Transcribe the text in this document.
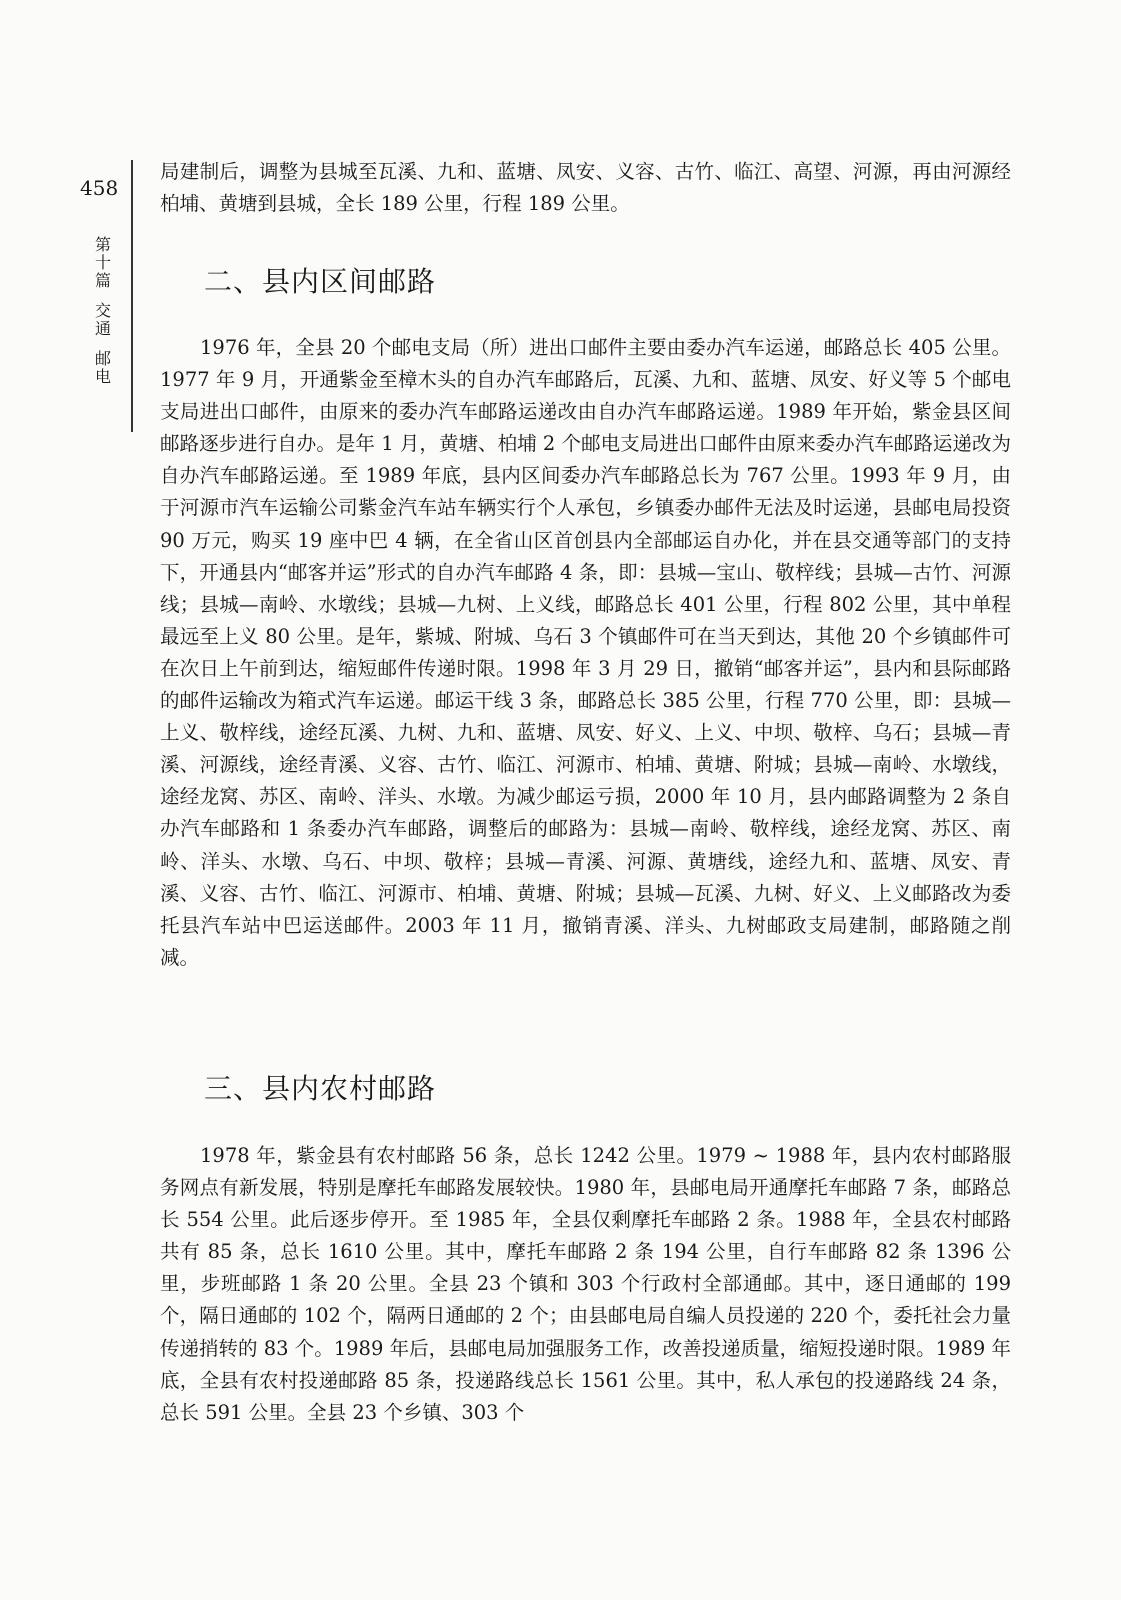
458
第
十
篇
交
通
邮
电

局建制后，调整为县城至瓦溪、九和、蓝塘、凤安、义容、古竹、临江、高望、河源，再由河源经柏埔、黄塘到县城，全长 189 公里，行程 189 公里。

二、县内区间邮路

1976 年，全县 20 个邮电支局（所）进出口邮件主要由委办汽车运递，邮路总长 405 公里。1977 年 9 月，开通紫金至樟木头的自办汽车邮路后，瓦溪、九和、蓝塘、凤安、好义等 5 个邮电支局进出口邮件，由原来的委办汽车邮路运递改由自办汽车邮路运递。1989 年开始，紫金县区间邮路逐步进行自办。是年 1 月，黄塘、柏埔 2 个邮电支局进出口邮件由原来委办汽车邮路运递改为自办汽车邮路运递。至 1989 年底，县内区间委办汽车邮路总长为 767 公里。1993 年 9 月，由于河源市汽车运输公司紫金汽车站车辆实行个人承包，乡镇委办邮件无法及时运递，县邮电局投资 90 万元，购买 19 座中巴 4 辆，在全省山区首创县内全部邮运自办化，并在县交通等部门的支持下，开通县内“邮客并运”形式的自办汽车邮路 4 条，即：县城—宝山、敬梓线；县城—古竹、河源线；县城—南岭、水墩线；县城—九树、上义线，邮路总长 401 公里，行程 802 公里，其中单程最远至上义 80 公里。是年，紫城、附城、乌石 3 个镇邮件可在当天到达，其他 20 个乡镇邮件可在次日上午前到达，缩短邮件传递时限。1998 年 3 月 29 日，撤销“邮客并运”，县内和县际邮路的邮件运输改为箱式汽车运递。邮运干线 3 条，邮路总长 385 公里，行程 770 公里，即：县城—上义、敬梓线，途经瓦溪、九树、九和、蓝塘、凤安、好义、上义、中坝、敬梓、乌石；县城—青溪、河源线，途经青溪、义容、古竹、临江、河源市、柏埔、黄塘、附城；县城—南岭、水墩线，途经龙窝、苏区、南岭、洋头、水墩。为减少邮运亏损，2000 年 10 月，县内邮路调整为 2 条自办汽车邮路和 1 条委办汽车邮路，调整后的邮路为：县城—南岭、敬梓线，途经龙窝、苏区、南岭、洋头、水墩、乌石、中坝、敬梓；县城—青溪、河源、黄塘线，途经九和、蓝塘、凤安、青溪、义容、古竹、临江、河源市、柏埔、黄塘、附城；县城—瓦溪、九树、好义、上义邮路改为委托县汽车站中巴运送邮件。2003 年 11 月，撤销青溪、洋头、九树邮政支局建制，邮路随之削减。

三、县内农村邮路

1978 年，紫金县有农村邮路 56 条，总长 1242 公里。1979 ~ 1988 年，县内农村邮路服务网点有新发展，特别是摩托车邮路发展较快。1980 年，县邮电局开通摩托车邮路 7 条，邮路总长 554 公里。此后逐步停开。至 1985 年，全县仅剩摩托车邮路 2 条。1988 年，全县农村邮路共有 85 条，总长 1610 公里。其中，摩托车邮路 2 条 194 公里，自行车邮路 82 条 1396 公里，步班邮路 1 条 20 公里。全县 23 个镇和 303 个行政村全部通邮。其中，逐日通邮的 199 个，隔日通邮的 102 个，隔两日通邮的 2 个；由县邮电局自编人员投递的 220 个，委托社会力量传递捎转的 83 个。1989 年后，县邮电局加强服务工作，改善投递质量，缩短投递时限。1989 年底，全县有农村投递邮路 85 条，投递路线总长 1561 公里。其中，私人承包的投递路线 24 条，总长 591 公里。全县 23 个乡镇、303 个
